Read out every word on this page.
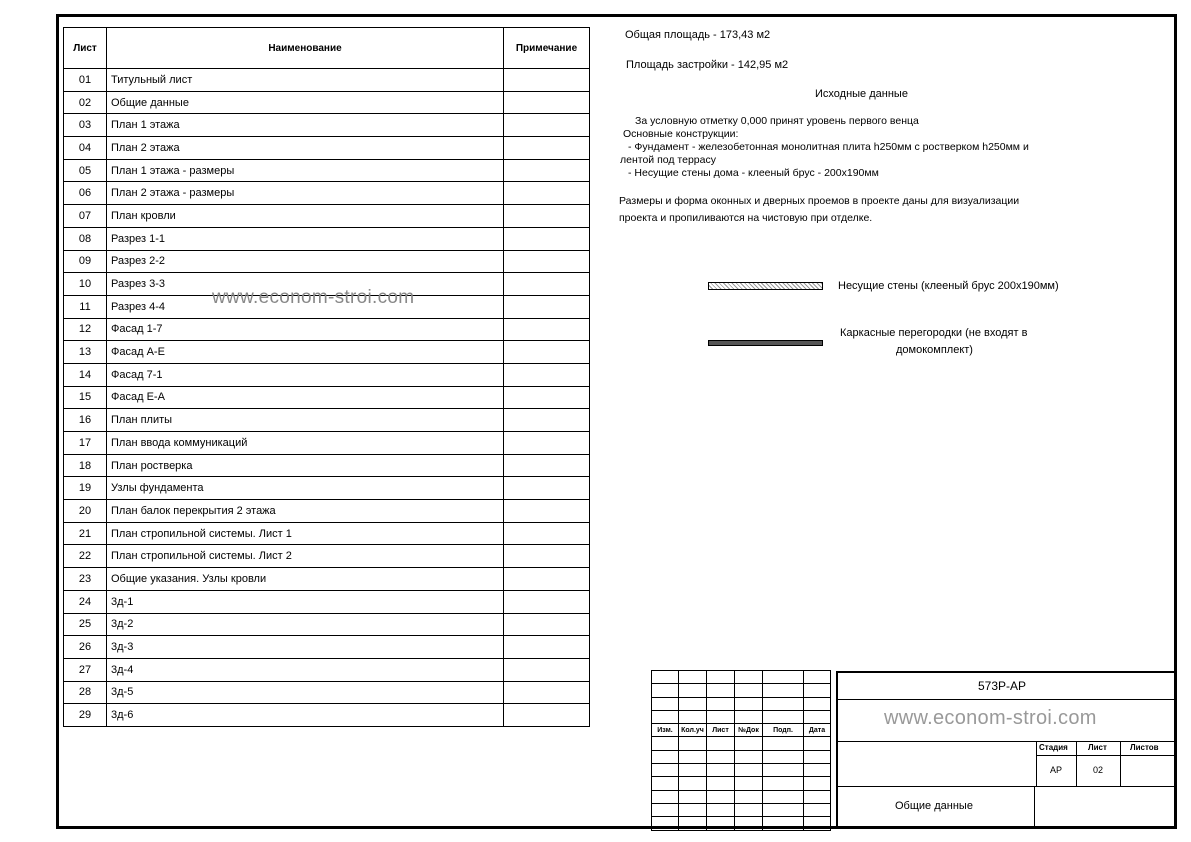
Лист	Наименование	Примечание
01	Титульный лист	
02	Общие данные	
03	План 1 этажа	
04	План 2 этажа	
05	План 1 этажа - размеры	
06	План 2 этажа - размеры	
07	План кровли	
08	Разрез 1-1	
09	Разрез 2-2	
10	Разрез 3-3	
11	Разрез 4-4	
12	Фасад 1-7	
13	Фасад А-Е	
14	Фасад 7-1	
15	Фасад Е-А	
16	План плиты	
17	План ввода коммуникаций	
18	План ростверка	
19	Узлы фундамента	
20	План балок перекрытия 2 этажа	
21	План стропильной системы. Лист 1	
22	План стропильной системы. Лист 2	
23	Общие указания. Узлы кровли	
24	3д-1	
25	3д-2	
26	3д-3	
27	3д-4	
28	3д-5	
29	3д-6	
www.econom-stroi.com
Общая площадь - 173,43 м2
Площадь застройки - 142,95 м2
Исходные данные
За условную отметку 0,000 принят уровень первого венца
Основные конструкции:
- Фундамент - железобетонная монолитная плита h250мм с ростверком h250мм и
лентой под террасу
- Несущие стены дома - клееный брус - 200х190мм
Размеры и форма оконных и дверных проемов в проекте даны для визуализации
проекта и пропиливаются на чистовую при отделке.
Несущие стены (клееный брус 200х190мм)
Каркасные перегородки (не входят в
домокомплект)

Изм.	Кол.уч	Лист	№Док	Подп.	Дата

573Р-АР
www.econom-stroi.com
Стадия	Лист	Листов
АР	02
Общие данные
